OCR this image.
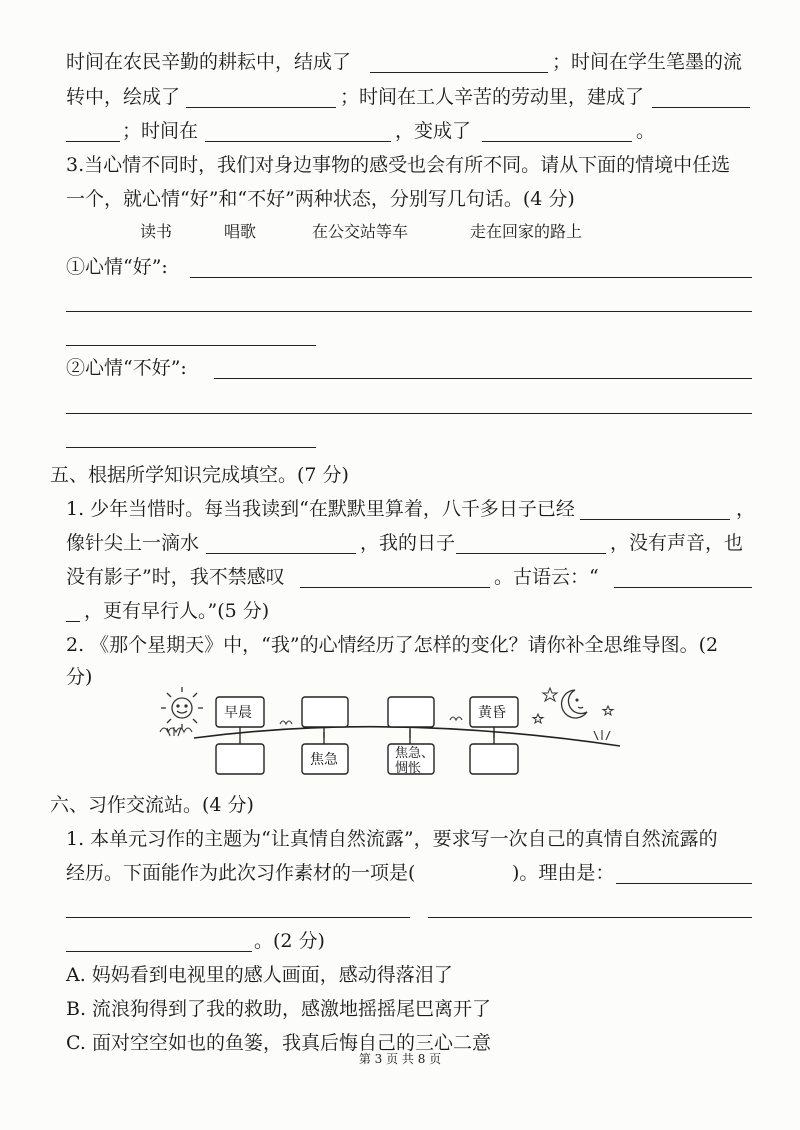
时间在农民辛勤的耕耘中，结成了	；时间在学生笔墨的流
转中，绘成了	；时间在工人辛苦的劳动里，建成了
；时间在	，变成了	。
3.当心情不同时，我们对身边事物的感受也会有所不同。请从下面的情境中任选
一个，就心情“好”和“不好”两种状态，分别写几句话。(4 分)
读书	唱歌	在公交站等车	走在回家的路上
①心情“好”:
②心情“不好”:
五、根据所学知识完成填空。(7 分)
1. 少年当惜时。每当我读到“在默默里算着，八千多日子已经	，
像针尖上一滴水	，我的日子	，没有声音，也
没有影子”时，我不禁感叹	。古语云：“
，更有早行人。”(5 分)
2. 《那个星期天》中，“我”的心情经历了怎样的变化？请你补全思维导图。(2
分)
早晨	黄昏
焦急	焦急、 惆怅
六、习作交流站。(4 分)
1. 本单元习作的主题为“让真情自然流露”，要求写一次自己的真情自然流露的
经历。下面能作为此次习作素材的一项是(	)。理由是：
。(2 分)
A. 妈妈看到电视里的感人画面，感动得落泪了
B. 流浪狗得到了我的救助，感激地摇摇尾巴离开了
C. 面对空空如也的鱼篓，我真后悔自己的三心二意
第 3 页 共 8 页
